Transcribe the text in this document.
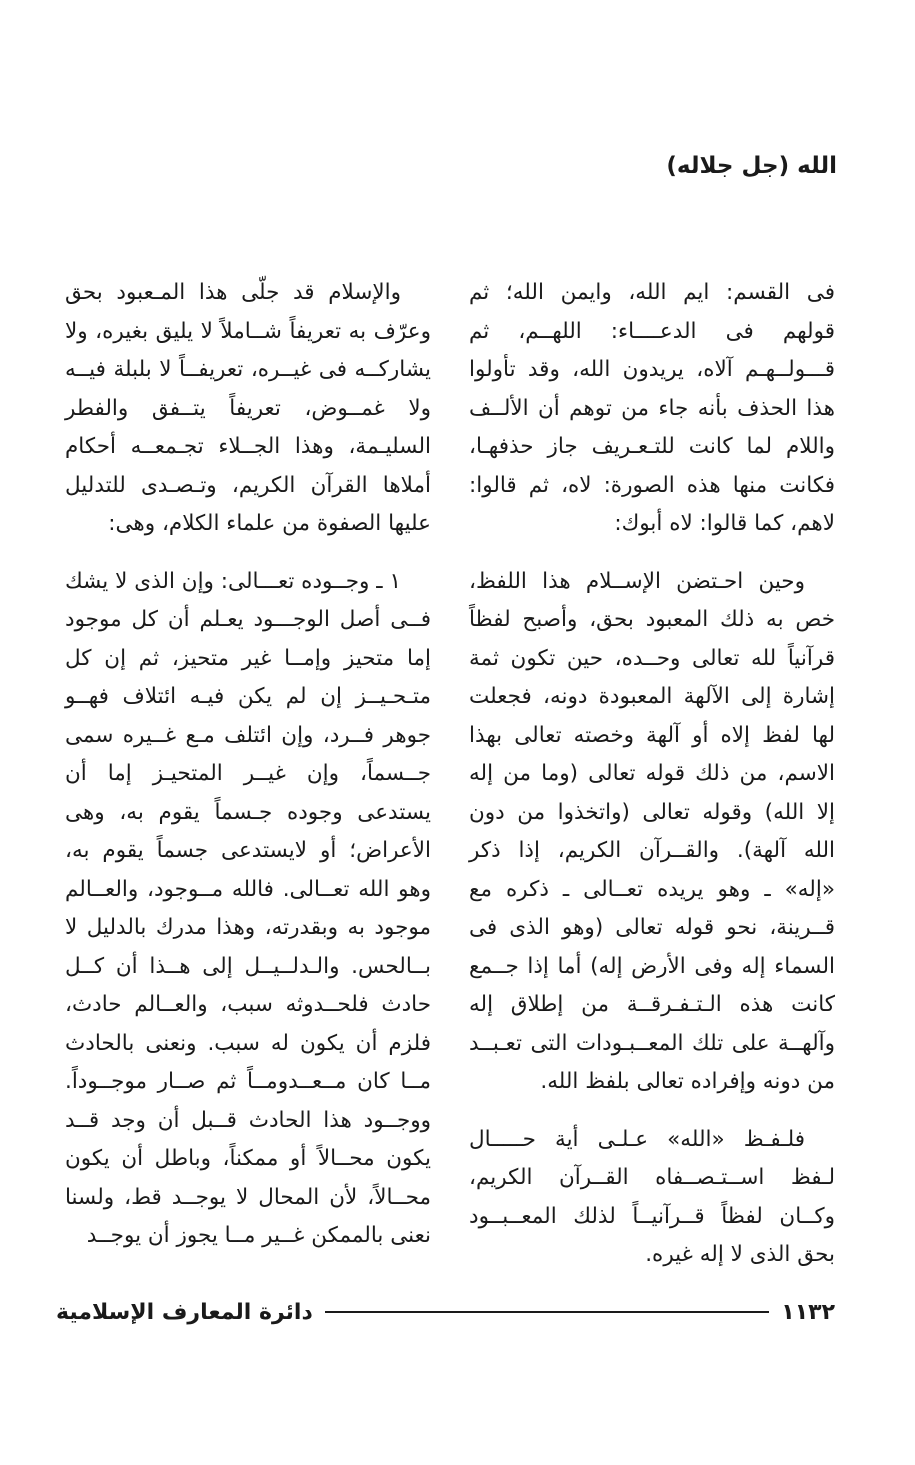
الله (جل جلاله)

فى القسم: ايم الله، وايمن الله؛ ثم قولهم فى الدعــــاء: اللهــم، ثم قـــولــهـم آلاه، يريدون الله، وقد تأولوا هذا الحذف بأنه جاء من توهم أن الألــف واللام لما كانت للتـعـريف جاز حذفهـا، فكانت منها هذه الصورة: لاه، ثم قالوا: لاهم، كما قالوا: لاه أبوك:

وحين احـتضن الإســلام هذا اللفظ، خص به ذلك المعبود بحق، وأصبح لفظاً قرآنياً لله تعالى وحــده، حين تكون ثمة إشارة إلى الآلهة المعبودة دونه، فجعلت لها لفظ إلاه أو آلهة وخصته تعالى بهذا الاسم، من ذلك قوله تعالى (وما من إله إلا الله) وقوله تعالى (واتخذوا من دون الله آلهة). والقــرآن الكريم، إذا ذكر «إله» ـ وهو يريده تعــالى ـ ذكره مع قــرينة، نحو قوله تعالى (وهو الذى فى السماء إله وفى الأرض إله) أما إذا جــمع كانت هذه الـتـفـرقــة من إطلاق إله وآلهــة على تلك المعــبـودات التى تعـبــد من دونه وإفراده تعالى بلفظ الله.

فلـفـظ «الله» عـلـى أية حـــــال لـفظ اســتـصــفاه القــرآن الكريم، وكــان لفظاً قــرآنيــاً لذلك المعــبــود بحق الذى لا إله غيره.

والإسلام قد جلّى هذا المـعبود بحق وعرّف به تعريفاً شــاملاً لا يليق بغيره، ولا يشاركــه فى غيــره، تعريفــاً لا بلبلة فيــه ولا غمــوض، تعريفاً يتــفق والفطر السليـمة، وهذا الجــلاء تجـمعــه أحكام أملاها القرآن الكريم، وتـصـدى للتدليل عليها الصفوة من علماء الكلام، وهى:

١ ـ وجــوده تعـــالى: وإن الذى لا يشك فــى أصل الوجـــود يعـلم أن كل موجود إما متحيز وإمــا غير متحيز، ثم إن كل متـحـيــز إن لم يكن فيـه ائتلاف فهــو جوهر فــرد، وإن ائتلف مـع غــيره سمى جــسماً، وإن غيــر المتحيـز إما أن يستدعى وجوده جـسماً يقوم به، وهى الأعراض؛ أو لايستدعى جسماً يقوم به، وهو الله تعــالى. فالله مــوجود، والعــالم موجود به وبقدرته، وهذا مدرك بالدليل لا بــالحس. والـدلــيــل إلى هــذا أن كــل حادث فلحــدوثه سبب، والعــالم حادث، فلزم أن يكون له سبب. ونعنى بالحادث مــا كان مــعــدومــاً ثم صــار موجــوداً. ووجــود هذا الحادث قــبل أن وجد قــد يكون محــالاً أو ممكناً، وباطل أن يكون محــالاً، لأن المحال لا يوجــد قط، ولسنا نعنى بالممكن غــير مــا يجوز أن يوجــد

١١٣٢
دائرة المعارف الإسلامية
